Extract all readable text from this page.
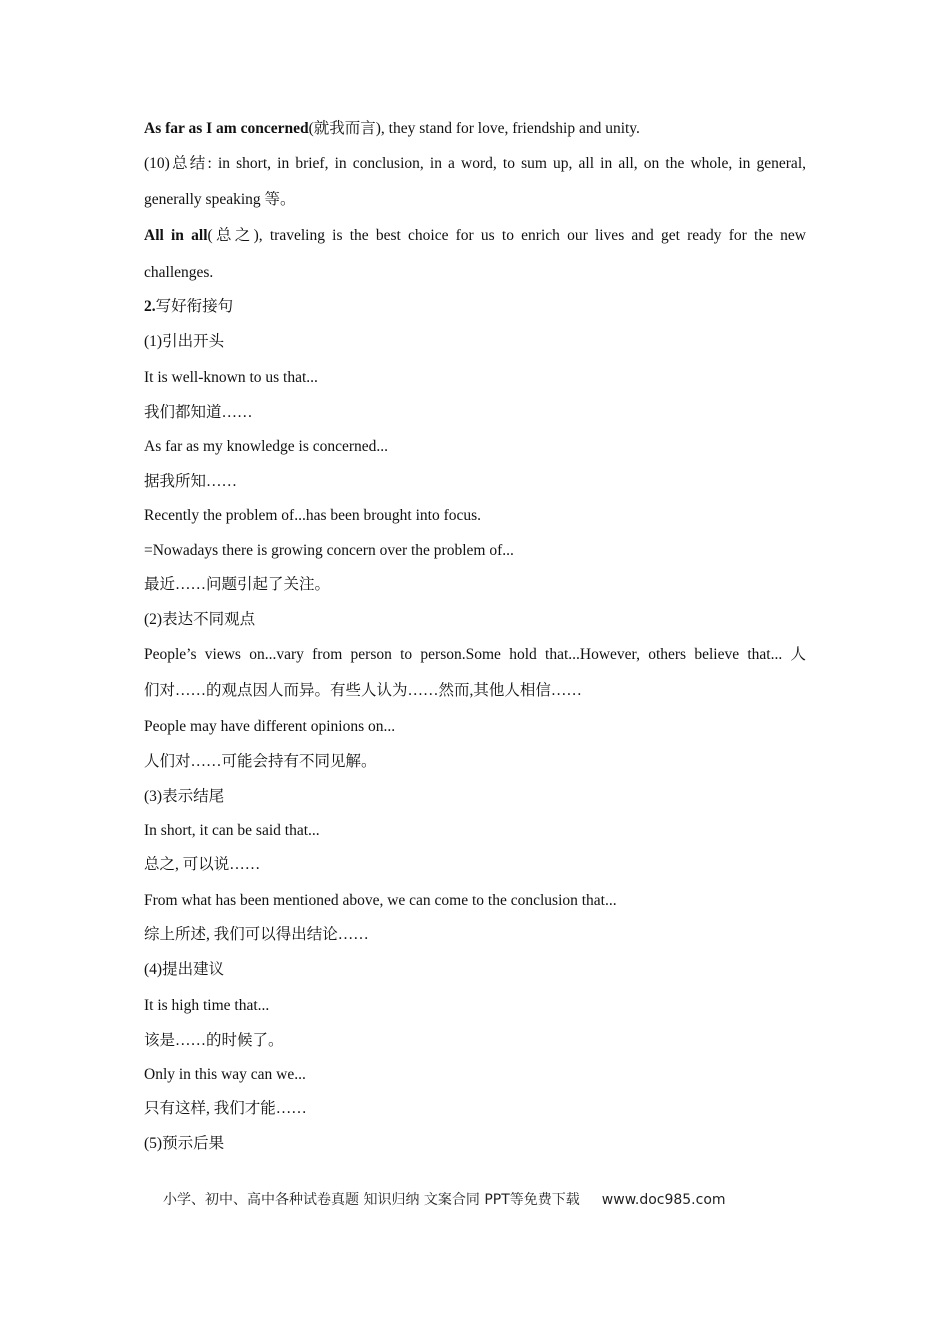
As far as I am concerned(就我而言), they stand for love, friendship and unity.
(10)总结: in short, in brief, in conclusion, in a word, to sum up, all in all, on the whole, in general,
generally speaking 等。
All in all(总之), traveling is the best choice for us to enrich our lives and get ready for the new
challenges.
2.写好衔接句
(1)引出开头
It is well-known to us that...
我们都知道……
As far as my knowledge is concerned...
据我所知……
Recently the problem of...has been brought into focus.
=Nowadays there is growing concern over the problem of...
最近……问题引起了关注。
(2)表达不同观点
People’s views on...vary from person to person.Some hold that...However, others believe that... 人
们对……的观点因人而异。有些人认为……然而,其他人相信……
People may have different opinions on...
人们对……可能会持有不同见解。
(3)表示结尾
In short, it can be said that...
总之, 可以说……
From what has been mentioned above, we can come to the conclusion that...
综上所述, 我们可以得出结论……
(4)提出建议
It is high time that...
该是……的时候了。
Only in this way can we...
只有这样, 我们才能……
(5)预示后果
小学、初中、高中各种试卷真题 知识归纳 文案合同 PPT等免费下载 www.doc985.com
